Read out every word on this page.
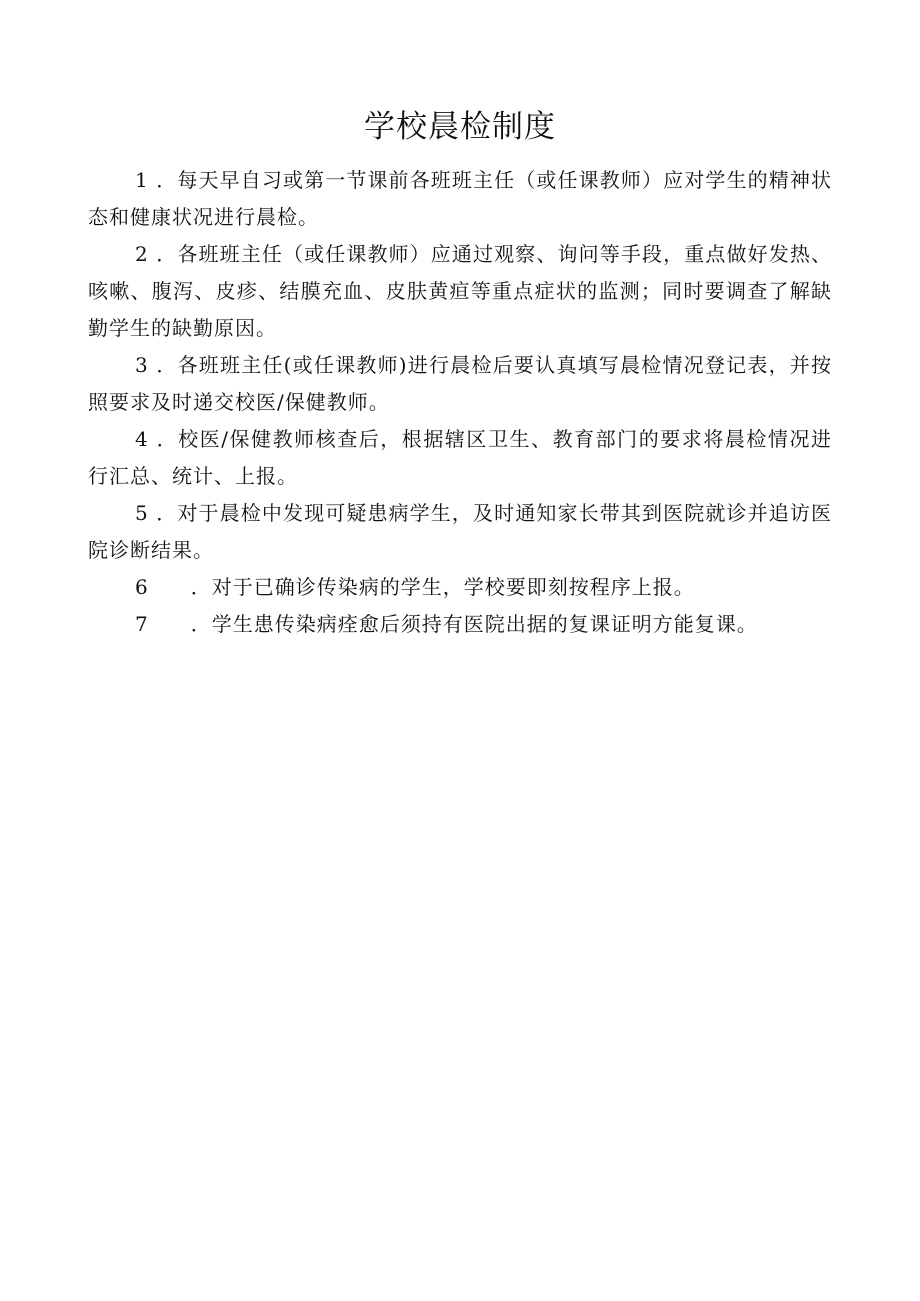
学校晨检制度

1 ．每天早自习或第一节课前各班班主任（或任课教师）应对学生的精神状态和健康状况进行晨检。

2 ．各班班主任（或任课教师）应通过观察、询问等手段，重点做好发热、咳嗽、腹泻、皮疹、结膜充血、皮肤黄疸等重点症状的监测；同时要调查了解缺勤学生的缺勤原因。

3 ．各班班主任(或任课教师)进行晨检后要认真填写晨检情况登记表，并按照要求及时递交校医/保健教师。

4 ．校医/保健教师核查后，根据辖区卫生、教育部门的要求将晨检情况进行汇总、统计、上报。

5 ．对于晨检中发现可疑患病学生，及时通知家长带其到医院就诊并追访医院诊断结果。

6 ．对于已确诊传染病的学生，学校要即刻按程序上报。

7 ．学生患传染病痊愈后须持有医院出据的复课证明方能复课。
